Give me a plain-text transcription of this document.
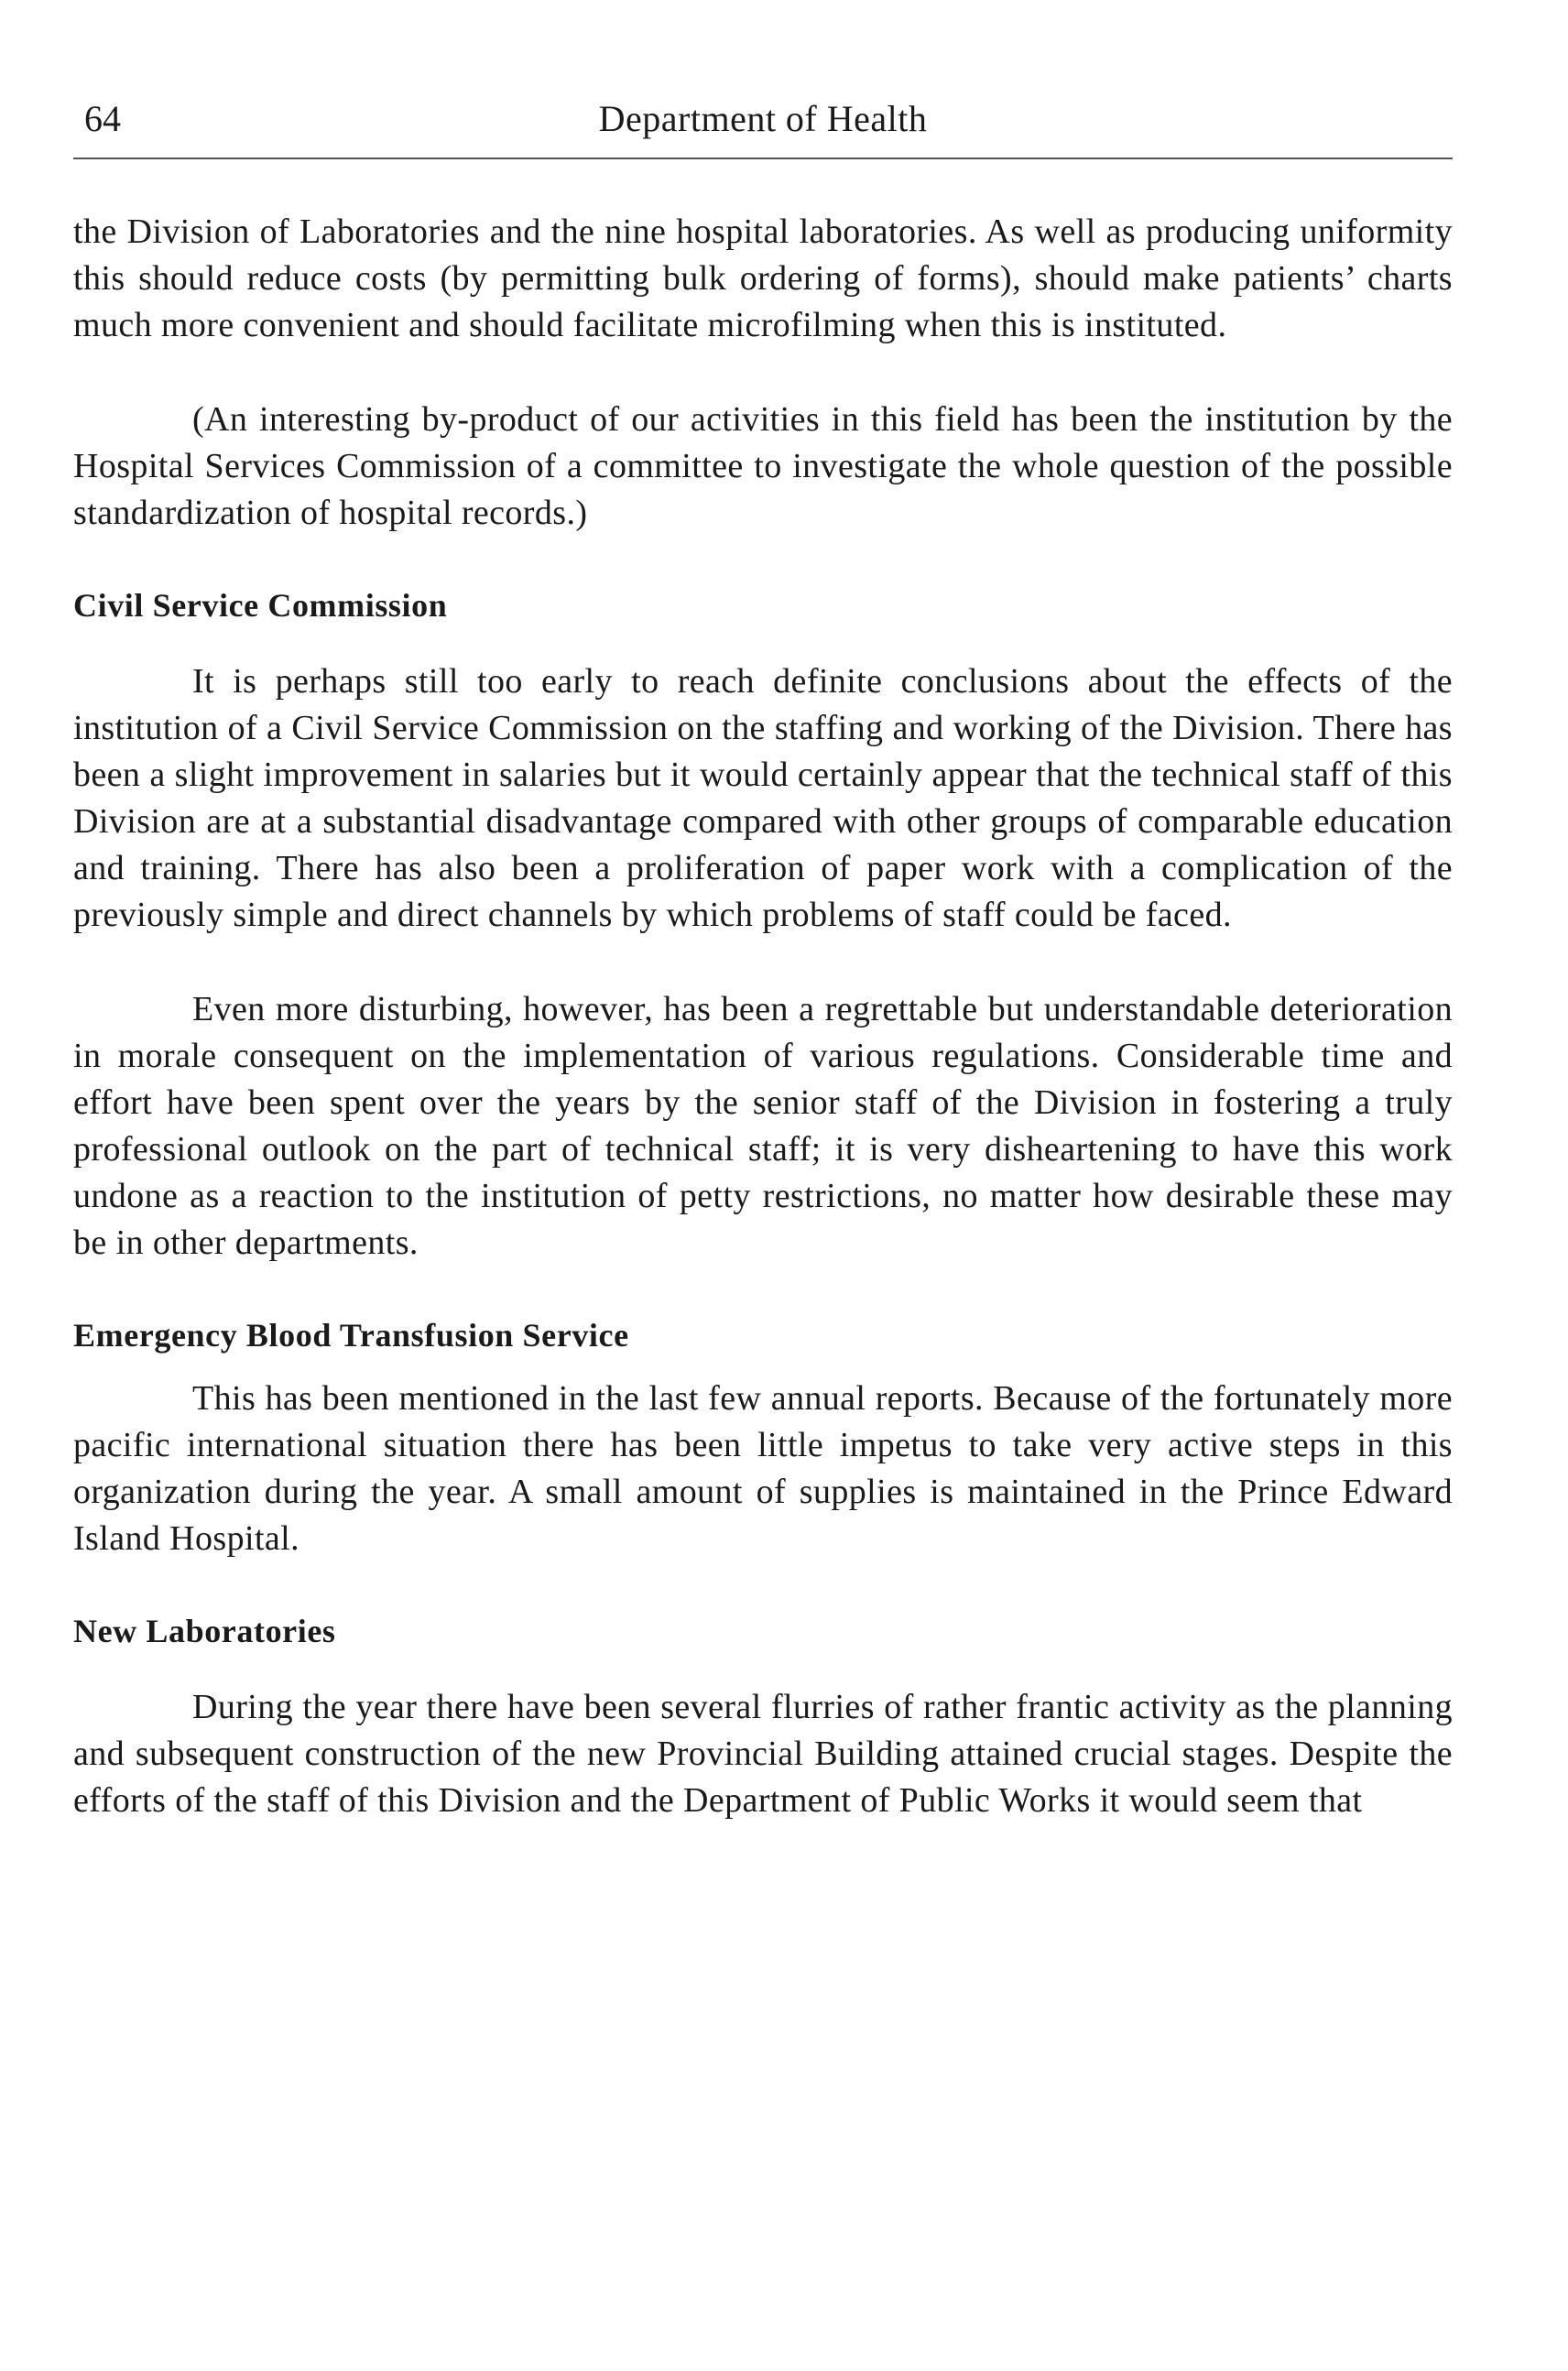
64	Department of Health

the Division of Laboratories and the nine hospital laboratories. As well as producing uniformity this should reduce costs (by permitting bulk ordering of forms), should make patients’ charts much more convenient and should facilitate microfilming when this is instituted.

(An interesting by-product of our activities in this field has been the institution by the Hospital Services Commission of a committee to investigate the whole question of the possible standardization of hospital records.)

Civil Service Commission

It is perhaps still too early to reach definite conclusions about the effects of the institution of a Civil Service Commission on the staffing and working of the Division. There has been a slight improvement in salaries but it would certainly appear that the technical staff of this Division are at a substantial disadvantage compared with other groups of comparable education and training. There has also been a proliferation of paper work with a complication of the previously simple and direct channels by which problems of staff could be faced.

Even more disturbing, however, has been a regrettable but understandable deterioration in morale consequent on the implementation of various regulations. Considerable time and effort have been spent over the years by the senior staff of the Division in fostering a truly professional outlook on the part of technical staff; it is very disheartening to have this work undone as a reaction to the institution of petty restrictions, no matter how desirable these may be in other departments.

Emergency Blood Transfusion Service

This has been mentioned in the last few annual reports. Because of the fortunately more pacific international situation there has been little impetus to take very active steps in this organization during the year. A small amount of supplies is maintained in the Prince Edward Island Hospital.

New Laboratories

During the year there have been several flurries of rather frantic activity as the planning and subsequent construction of the new Provincial Building attained crucial stages. Despite the efforts of the staff of this Division and the Department of Public Works it would seem that
